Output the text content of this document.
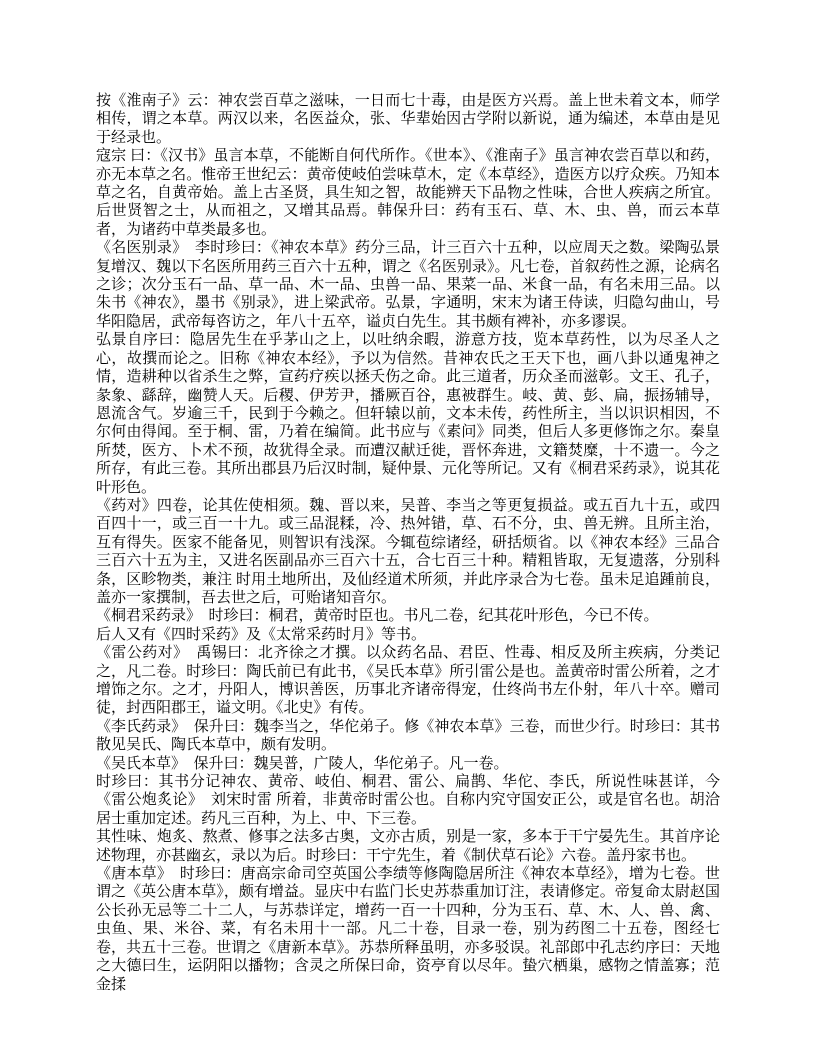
按《淮南子》云：神农尝百草之滋味，一日而七十毒，由是医方兴焉。盖上世未着文本，师学相传，谓之本草。两汉以来，名医益众，张、华辈始因古学附以新说，通为编述，本草由是见于经录也。

寇宗 曰：《汉书》虽言本草，不能断自何代所作。《世本》、《淮南子》虽言神农尝百草以和药，亦无本草之名。惟帝王世纪云：黄帝使岐伯尝味草木，定《本草经》，造医方以疗众疾。乃知本草之名，自黄帝始。盖上古圣贤，具生知之智，故能辨天下品物之性味，合世人疾病之所宜。后世贤智之士，从而祖之，又增其品焉。韩保升曰：药有玉石、草、木、虫、兽，而云本草者，为诸药中草类最多也。

《名医别录》　李时珍曰：《神农本草》药分三品，计三百六十五种，以应周天之数。梁陶弘景复增汉、魏以下名医所用药三百六十五种，谓之《名医别录》。凡七卷，首叙药性之源，论病名之诊；次分玉石一品、草一品、木一品、虫兽一品、果菜一品、米食一品，有名未用三品。以朱书《神农》，墨书《别录》，进上梁武帝。弘景，字通明，宋末为诸王侍读，归隐勾曲山，号华阳隐居，武帝每咨访之，年八十五卒，谥贞白先生。其书颇有裨补，亦多谬误。

弘景自序曰：隐居先生在乎茅山之上，以吐纳余暇，游意方技，览本草药性，以为尽圣人之心，故撰而论之。旧称《神农本经》，予以为信然。昔神农氏之王天下也，画八卦以通鬼神之情，造耕种以省杀生之弊，宣药疗疾以拯夭伤之命。此三道者，历众圣而滋彰。文王、孔子，彖象、繇辞，幽赞人天。后稷、伊芳尹，播厥百谷，惠被群生。岐、黄、彭、扁，振扬辅导，恩流含气。岁逾三千，民到于今赖之。但轩辕以前，文本未传，药性所主，当以识识相因，不尔何由得闻。至于桐、雷，乃着在编简。此书应与《素问》同类，但后人多更修饰之尔。秦皇所焚，医方、卜术不预，故犹得全录。而遭汉献迁徙，晋怀奔进，文籍焚糜，十不遗一。今之所存，有此三卷。其所出郡县乃后汉时制，疑仲景、元化等所记。又有《桐君采药录》，说其花叶形色。

《药对》四卷，论其佐使相须。魏、晋以来，吴普、李当之等更复损益。或五百九十五，或四百四十一，或三百一十九。或三品混糅，冷、热舛错，草、石不分，虫、兽无辨。且所主治，互有得失。医家不能备见，则智识有浅深。今辄苞综诸经，研括烦省。以《神农本经》三品合三百六十五为主，又进名医副品亦三百六十五，合七百三十种。精粗皆取，无复遗落，分别科条，区畛物类，兼注 时用土地所出，及仙经道术所须，并此序录合为七卷。虽未足追踵前良，盖亦一家撰制，吾去世之后，可贻诸知音尔。

《桐君采药录》　时珍曰：桐君，黄帝时臣也。书凡二卷，纪其花叶形色，今已不传。

后人又有《四时采药》及《太常采药时月》等书。

《雷公药对》　禹锡曰：北齐徐之才撰。以众药名品、君臣、性毒、相反及所主疾病，分类记之，凡二卷。时珍曰：陶氏前已有此书，《吴氏本草》所引雷公是也。盖黄帝时雷公所着，之才增饰之尔。之才，丹阳人，博识善医，历事北齐诸帝得宠，仕终尚书左仆射，年八十卒。赠司徒，封西阳郡王，谥文明。《北史》有传。

《李氏药录》　保升曰：魏李当之，华佗弟子。修《神农本草》三卷，而世少行。时珍曰：其书散见吴氏、陶氏本草中，颇有发明。

《吴氏本草》　保升曰：魏吴普，广陵人，华佗弟子。凡一卷。

时珍曰：其书分记神农、黄帝、岐伯、桐君、雷公、扁鹊、华佗、李氏，所说性味甚详，今《雷公炮炙论》　刘宋时雷 所着，非黄帝时雷公也。自称内究守国安正公，或是官名也。胡洽居士重加定述。药凡三百种，为上、中、下三卷。

其性味、炮炙、熬煮、修事之法多古奥，文亦古质，别是一家，多本于干宁晏先生。其首序论述物理，亦甚幽玄，录以为后。时珍曰：干宁先生，着《制伏草石论》六卷。盖丹家书也。

《唐本草》　时珍曰：唐高宗命司空英国公李绩等修陶隐居所注《神农本草经》，增为七卷。世谓之《英公唐本草》，颇有增益。显庆中右监门长史苏恭重加订注，表请修定。帝复命太尉赵国公长孙无忌等二十二人，与苏恭详定，增药一百一十四种，分为玉石、草、木、人、兽、禽、虫鱼、果、米谷、菜，有名未用十一部。凡二十卷，目录一卷，别为药图二十五卷，图经七卷，共五十三卷。世谓之《唐新本草》。苏恭所释虽明，亦多驳误。礼部郎中孔志约序曰：天地之大德曰生，运阴阳以播物；含灵之所保曰命，资亭育以尽年。蛰穴栖巢，感物之情盖寡；范金揉
